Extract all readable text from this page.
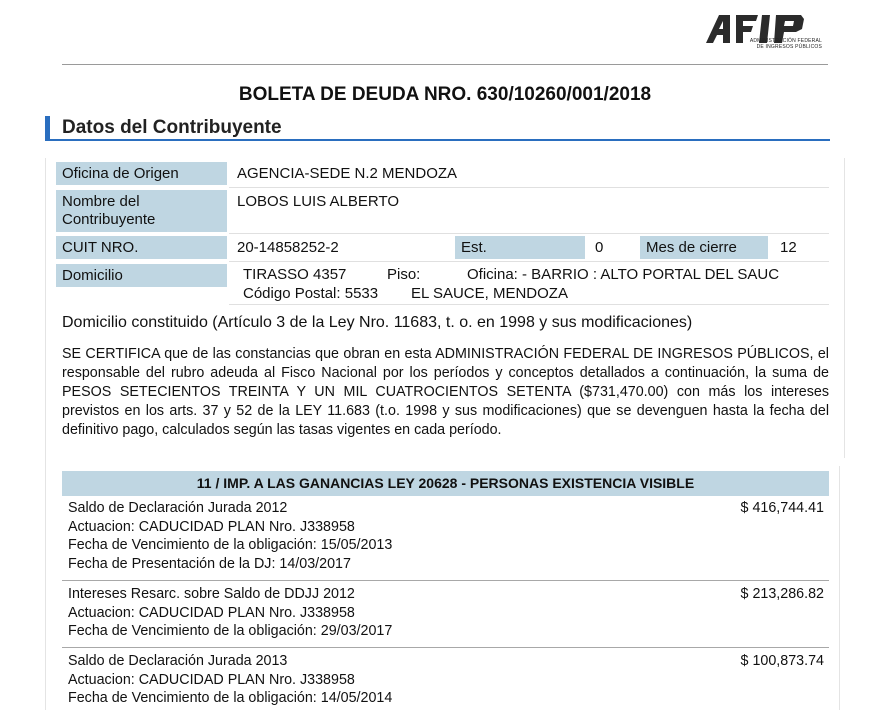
ADMINISTRACIÓN FEDERAL
DE INGRESOS PÚBLICOS
BOLETA DE DEUDA NRO. 630/10260/001/2018
Datos del Contribuyente
Oficina de Origen	AGENCIA-SEDE N.2 MENDOZA
Nombre del Contribuyente
LOBOS LUIS ALBERTO
CUIT NRO.	20-14858252-2	Est.	0	Mes de cierre	12
Domicilio	TIRASSO 4357	Piso:	Oficina: - BARRIO : ALTO PORTAL DEL SAUC
Código Postal: 5533 EL SAUCE, MENDOZA
Domicilio constituido (Artículo 3 de la Ley Nro. 11683, t. o. en 1998 y sus modificaciones)
SE CERTIFICA que de las constancias que obran en esta ADMINISTRACIÓN FEDERAL DE INGRESOS PÚBLICOS, el responsable del rubro adeuda al Fisco Nacional por los períodos y conceptos detallados a continuación, la suma de PESOS SETECIENTOS TREINTA Y UN MIL CUATROCIENTOS SETENTA ($731,470.00) con más los intereses previstos en los arts. 37 y 52 de la LEY 11.683 (t.o. 1998 y sus modificaciones) que se devenguen hasta la fecha del definitivo pago, calculados según las tasas vigentes en cada período.
11 / IMP. A LAS GANANCIAS LEY 20628 - PERSONAS EXISTENCIA VISIBLE
Saldo de Declaración Jurada 2012
Actuacion: CADUCIDAD PLAN Nro. J338958
Fecha de Vencimiento de la obligación: 15/05/2013
Fecha de Presentación de la DJ: 14/03/2017
$ 416,744.41
Intereses Resarc. sobre Saldo de DDJJ 2012
Actuacion: CADUCIDAD PLAN Nro. J338958
Fecha de Vencimiento de la obligación: 29/03/2017
$ 213,286.82
Saldo de Declaración Jurada 2013
Actuacion: CADUCIDAD PLAN Nro. J338958
Fecha de Vencimiento de la obligación: 14/05/2014
$ 100,873.74
